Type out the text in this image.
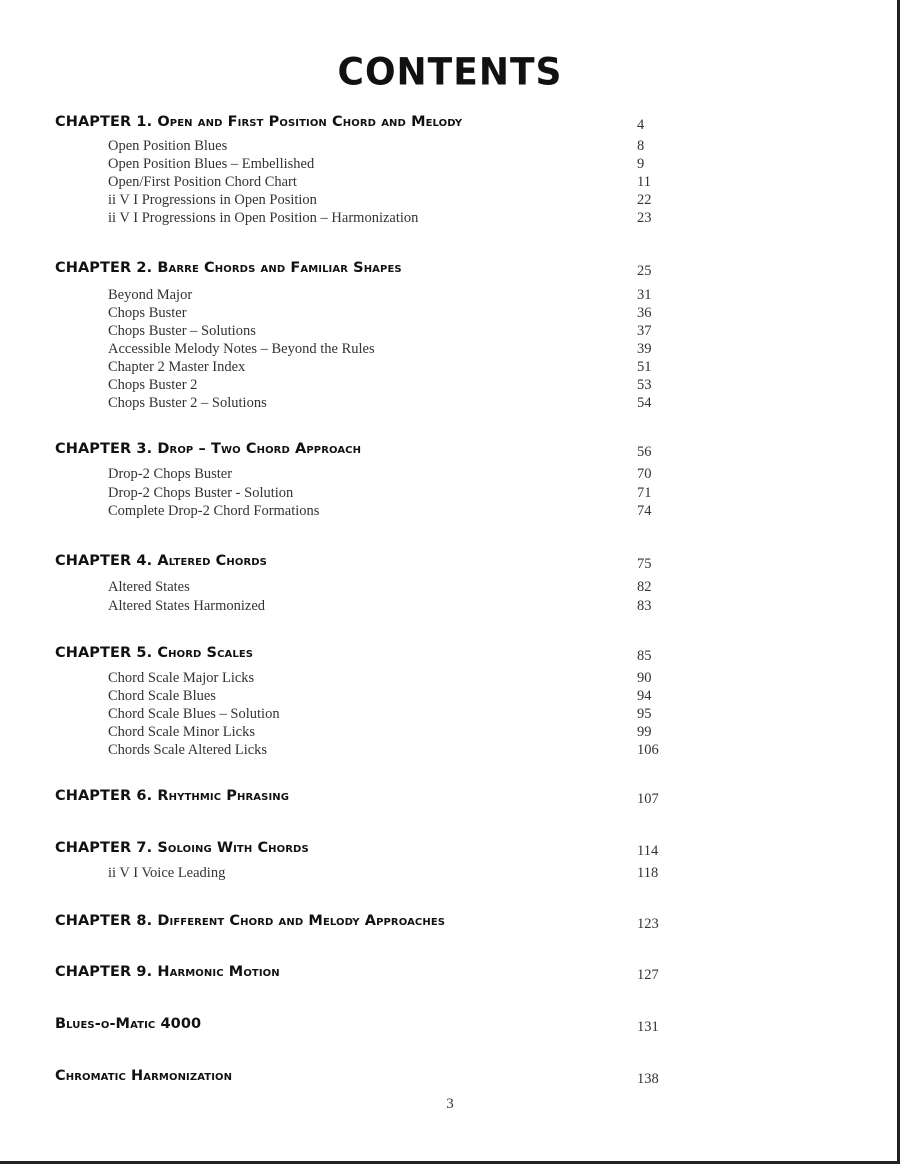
CONTENTS
CHAPTER 1. Open and First Position Chord and Melody	4
Open Position Blues	8
Open Position Blues – Embellished	9
Open/First Position Chord Chart	11
ii V I Progressions in Open Position	22
ii V I Progressions in Open Position – Harmonization	23
CHAPTER 2. Barre Chords and Familiar Shapes	25
Beyond Major	31
Chops Buster	36
Chops Buster – Solutions	37
Accessible Melody Notes – Beyond the Rules	39
Chapter 2 Master Index	51
Chops Buster 2	53
Chops Buster 2 – Solutions	54
CHAPTER 3. Drop – Two Chord Approach	56
Drop-2 Chops Buster	70
Drop-2 Chops Buster - Solution	71
Complete Drop-2 Chord Formations	74
CHAPTER 4. Altered Chords	75
Altered States	82
Altered States Harmonized	83
CHAPTER 5. Chord Scales	85
Chord Scale Major Licks	90
Chord Scale Blues	94
Chord Scale Blues – Solution	95
Chord Scale Minor Licks	99
Chords Scale Altered Licks	106
CHAPTER 6. Rhythmic Phrasing	107
CHAPTER 7. Soloing With Chords	114
ii V I Voice Leading	118
CHAPTER 8. Different Chord and Melody Approaches	123
CHAPTER 9. Harmonic Motion	127
Blues-o-Matic 4000	131
Chromatic Harmonization	138
3
